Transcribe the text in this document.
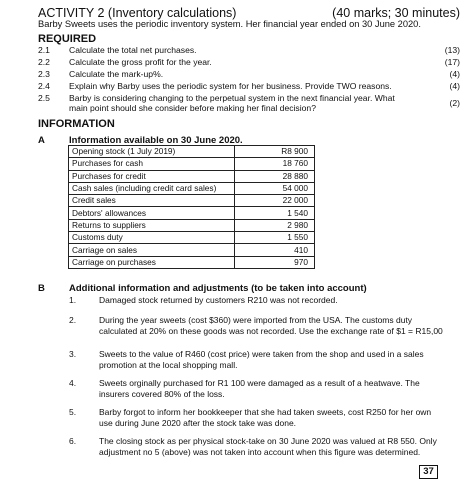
ACTIVITY 2 (Inventory calculations)	(40 marks; 30 minutes)
Barby Sweets uses the periodic inventory system. Her financial year ended on 30 June 2020.
REQUIRED
2.1 Calculate the total net purchases.	(13)
2.2 Calculate the gross profit for the year.	(17)
2.3 Calculate the mark-up%.	(4)
2.4 Explain why Barby uses the periodic system for her business. Provide TWO reasons.	(4)
2.5 Barby is considering changing to the perpetual system in the next financial year. What main point should she consider before making her final decision?	(2)
INFORMATION
A	Information available on 30 June 2020.
Opening stock (1 July 2019)	R8 900
Purchases for cash	18 760
Purchases for credit	28 880
Cash sales (including credit card sales)	54 000
Credit sales	22 000
Debtors' allowances	1 540
Returns to suppliers	2 980
Customs duty	1 550
Carriage on sales	410
Carriage on purchases	970
B	Additional information and adjustments (to be taken into account)
1.	Damaged stock returned by customers R210 was not recorded.
2.	During the year sweets (cost $360) were imported from the USA. The customs duty calculated at 20% on these goods was not recorded. Use the exchange rate of $1 = R15,00
3.	Sweets to the value of R460 (cost price) were taken from the shop and used in a sales promotion at the local shopping mall.
4.	Sweets orginally purchased for R1 100 were damaged as a result of a heatwave. The insurers covered 80% of the loss.
5.	Barby forgot to inform her bookkeeper that she had taken sweets, cost R250 for her own use during June 2020 after the stock take was done.
6.	The closing stock as per physical stock-take on 30 June 2020 was valued at R8 550. Only adjustment no 5 (above) was not taken into account when this figure was determined.
37
